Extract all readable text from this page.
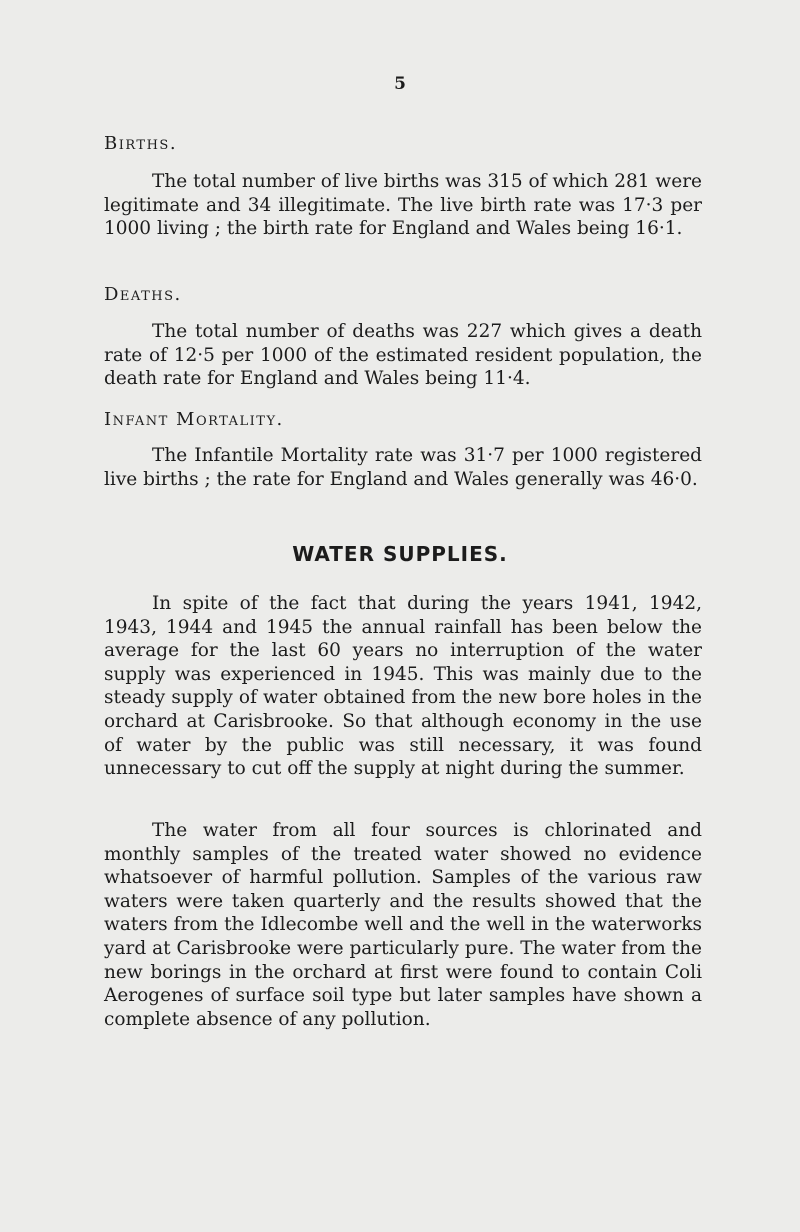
5

Births.

The total number of live births was 315 of which 281 were legitimate and 34 illegitimate. The live birth rate was 17·3 per 1000 living ; the birth rate for England and Wales being 16·1.

Deaths.

The total number of deaths was 227 which gives a death rate of 12·5 per 1000 of the estimated resident population, the death rate for England and Wales being 11·4.

Infant Mortality.

The Infantile Mortality rate was 31·7 per 1000 registered live births ; the rate for England and Wales generally was 46·0.

WATER SUPPLIES.

In spite of the fact that during the years 1941, 1942, 1943, 1944 and 1945 the annual rainfall has been below the average for the last 60 years no interruption of the water supply was experienced in 1945. This was mainly due to the steady supply of water obtained from the new bore holes in the orchard at Carisbrooke. So that although economy in the use of water by the public was still necessary, it was found unnecessary to cut off the supply at night during the summer.

The water from all four sources is chlorinated and monthly samples of the treated water showed no evidence whatsoever of harmful pollution. Samples of the various raw waters were taken quarterly and the results showed that the waters from the Idlecombe well and the well in the waterworks yard at Carisbrooke were particularly pure. The water from the new borings in the orchard at first were found to contain Coli Aerogenes of surface soil type but later samples have shown a complete absence of any pollution.
